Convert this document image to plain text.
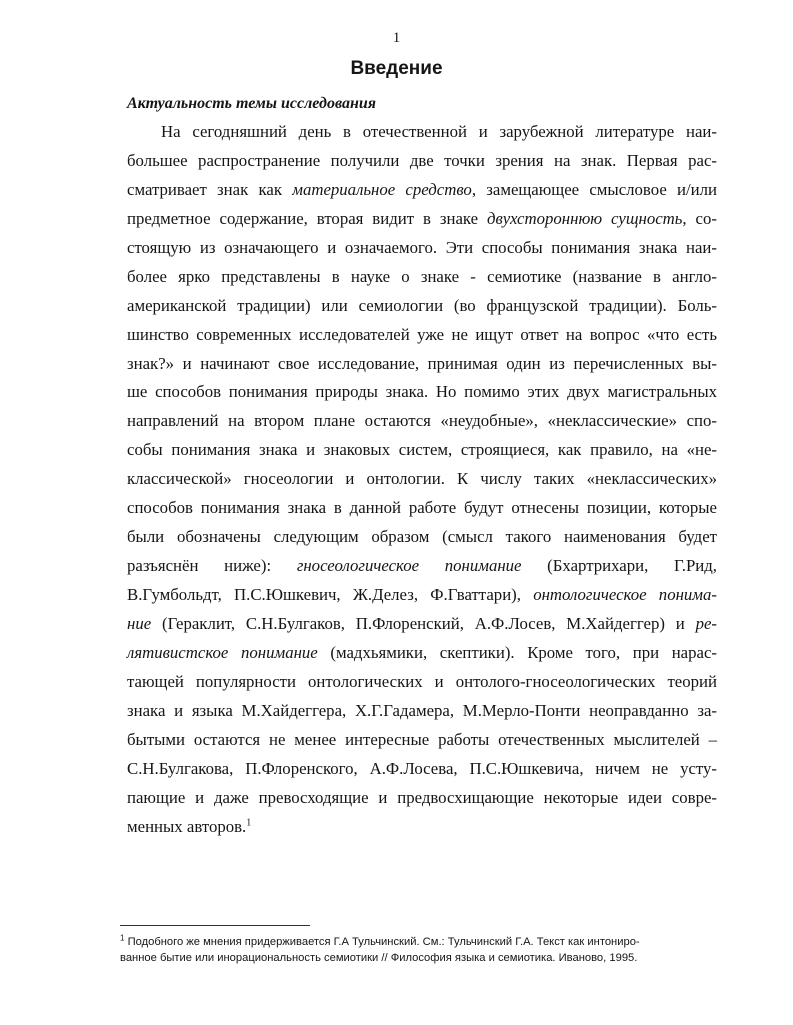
1
Введение
Актуальность темы исследования
На сегодняшний день в отечественной и зарубежной литературе наи-
большее распространение получили две точки зрения на знак. Первая рас-
сматривает знак как материальное средство, замещающее смысловое и/или
предметное содержание, вторая видит в знаке двухстороннюю сущность, со-
стоящую из означающего и означаемого. Эти способы понимания знака наи-
более ярко представлены в науке о знаке - семиотике (название в англо-
американской традиции) или семиологии (во французской традиции). Боль-
шинство современных исследователей уже не ищут ответ на вопрос «что есть
знак?» и начинают свое исследование, принимая один из перечисленных вы-
ше способов понимания природы знака. Но помимо этих двух магистральных
направлений на втором плане остаются «неудобные», «неклассические» спо-
собы понимания знака и знаковых систем, строящиеся, как правило, на «не-
классической» гносеологии и онтологии. К числу таких «неклассических»
способов понимания знака в данной работе будут отнесены позиции, которые
были обозначены следующим образом (смысл такого наименования будет
разъяснён ниже): гносеологическое понимание (Бхартрихари, Г.Рид,
В.Гумбольдт, П.С.Юшкевич, Ж.Делез, Ф.Гваттари), онтологическое понима-
ние (Гераклит, С.Н.Булгаков, П.Флоренский, А.Ф.Лосев, М.Хайдеггер) и ре-
лятивистское понимание (мадхьямики, скептики). Кроме того, при нарас-
тающей популярности онтологических и онтолого-гносеологических теорий
знака и языка М.Хайдеггера, Х.Г.Гадамера, М.Мерло-Понти неоправданно за-
бытыми остаются не менее интересные работы отечественных мыслителей –
С.Н.Булгакова, П.Флоренского, А.Ф.Лосева, П.С.Юшкевича, ничем не усту-
пающие и даже превосходящие и предвосхищающие некоторые идеи совре-
менных авторов.$^1$
$^1$ Подобного же мнения придерживается Г.А Тульчинский. См.: Тульчинский Г.А. Текст как интониро-
ванное бытие или инорациональность семиотики // Философия языка и семиотика. Иваново, 1995.
